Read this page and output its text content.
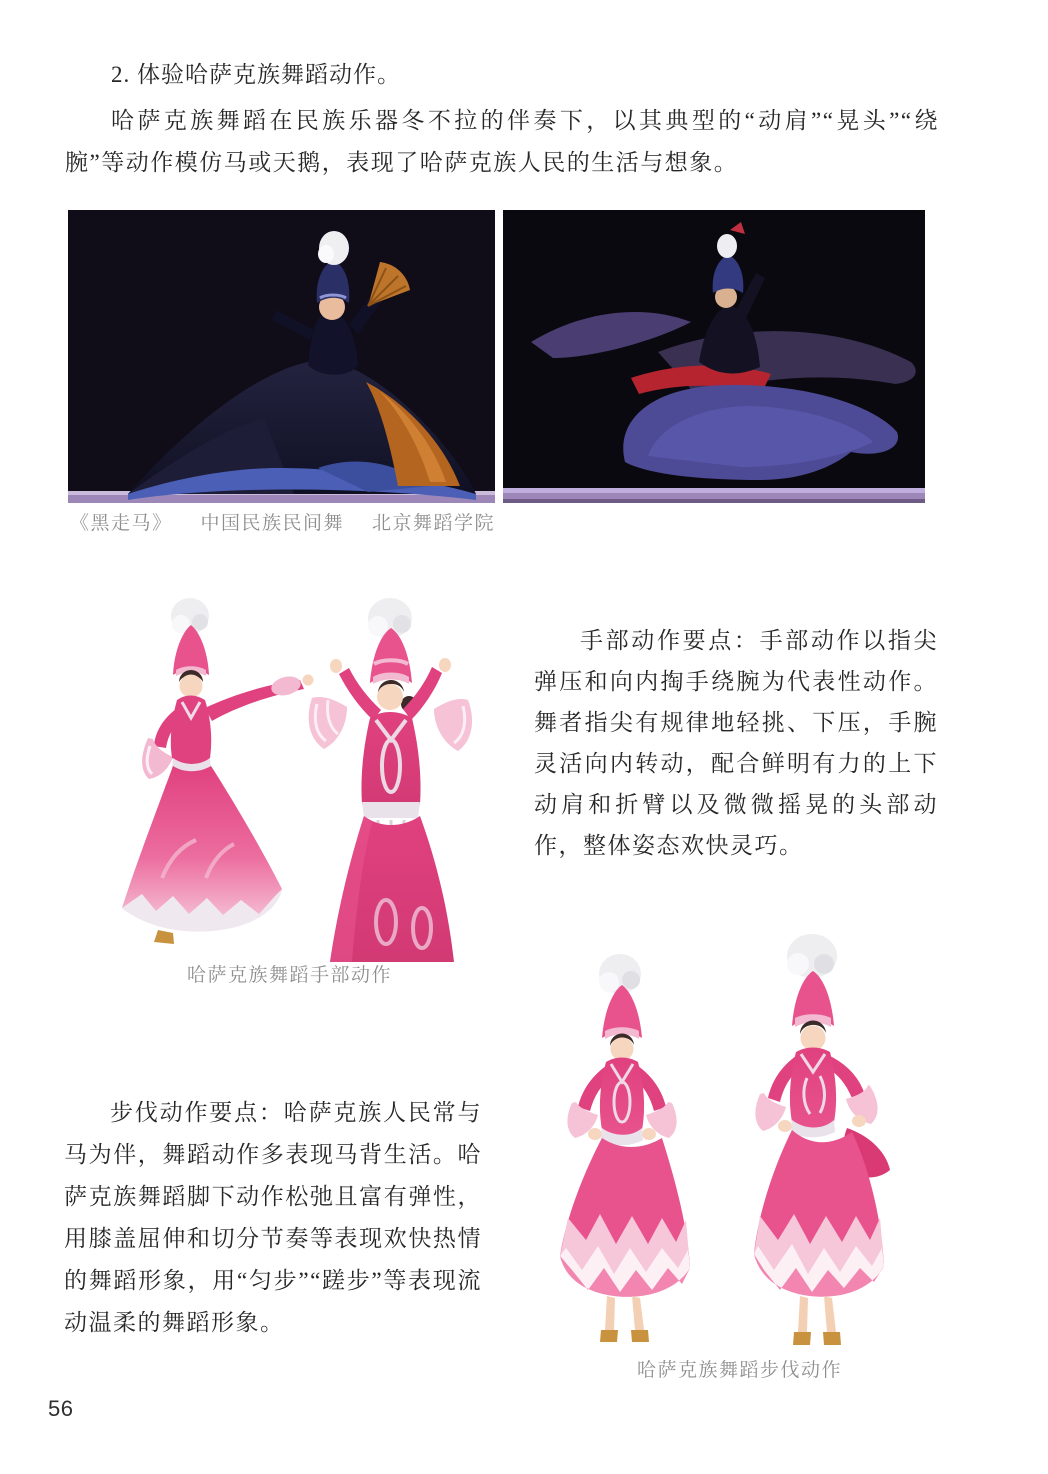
2. 体验哈萨克族舞蹈动作。

哈萨克族舞蹈在民族乐器冬不拉的伴奏下，以其典型的“动肩”“晃头”“绕腕”等动作模仿马或天鹅，表现了哈萨克族人民的生活与想象。

《黑走马》 中国民族民间舞 北京舞蹈学院

手部动作要点：手部动作以指尖弹压和向内掏手绕腕为代表性动作。舞者指尖有规律地轻挑、下压，手腕灵活向内转动，配合鲜明有力的上下动肩和折臂以及微微摇晃的头部动作，整体姿态欢快灵巧。

哈萨克族舞蹈手部动作

步伐动作要点：哈萨克族人民常与马为伴，舞蹈动作多表现马背生活。哈萨克族舞蹈脚下动作松弛且富有弹性，用膝盖屈伸和切分节奏等表现欢快热情的舞蹈形象，用“匀步”“蹉步”等表现流动温柔的舞蹈形象。

哈萨克族舞蹈步伐动作
56
